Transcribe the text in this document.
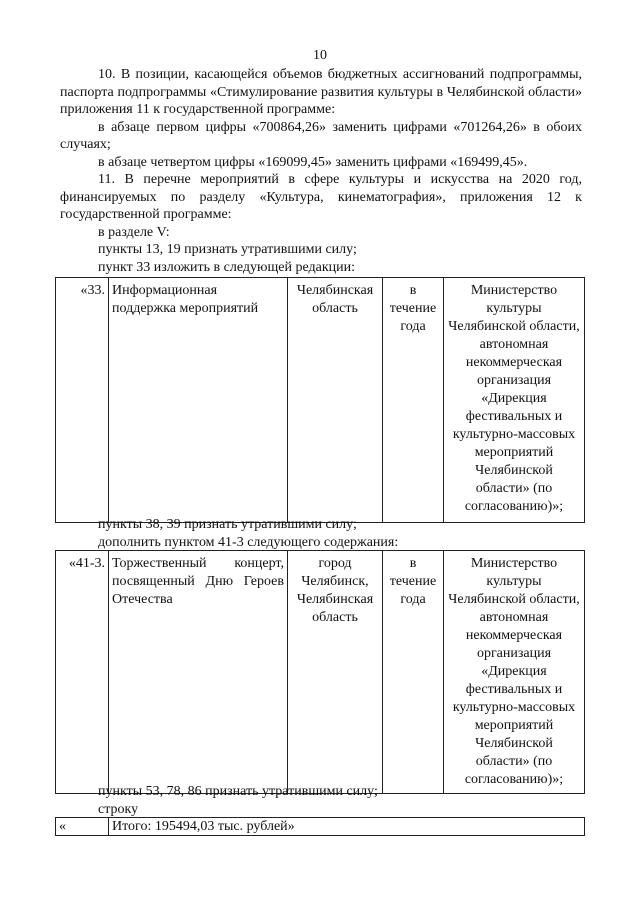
10

10. В позиции, касающейся объемов бюджетных ассигнований подпрограммы, паспорта подпрограммы «Стимулирование развития культуры в Челябинской области» приложения 11 к государственной программе:

в абзаце первом цифры «700864,26» заменить цифрами «701264,26» в обоих случаях;

в абзаце четвертом цифры «169099,45» заменить цифрами «169499,45».

11. В перечне мероприятий в сфере культуры и искусства на 2020 год, финансируемых по разделу «Культура, кинематография», приложения 12 к государственной программе:

в разделе V:

пункты 13, 19 признать утратившими силу;

пункт 33 изложить в следующей редакции:

«33.	Информационная поддержка мероприятий	Челябинская область	в течение года	Министерство культуры Челябинской области, автономная некоммерческая организация «Дирекция фестивальных и культурно-массовых мероприятий Челябинской области» (по согласованию)»;

пункты 38, 39 признать утратившими силу;

дополнить пунктом 41-3 следующего содержания:

«41-3.	Торжественный концерт, посвященный Дню Героев Отечества	город Челябинск, Челябинская область	в течение года	Министерство культуры Челябинской области, автономная некоммерческая организация «Дирекция фестивальных и культурно-массовых мероприятий Челябинской области» (по согласованию)»;

пункты 53, 78, 86 признать утратившими силу;

строку

«	Итого: 195494,03 тыс. рублей»
